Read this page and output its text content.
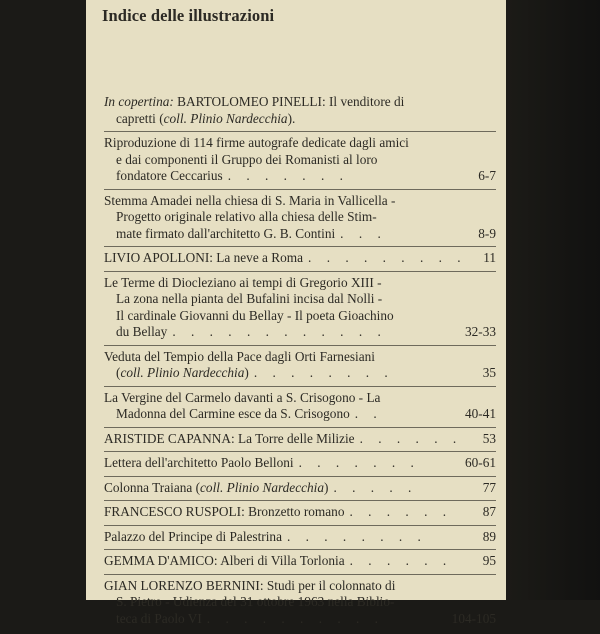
Indice delle illustrazioni
In copertina: BARTOLOMEO PINELLI: Il venditore di
capretti (coll. Plinio Nardecchia).
Riproduzione di 114 firme autografe dedicate dagli amici
e dai componenti il Gruppo dei Romanisti al loro
fondatore Ceccarius . . . . . . .	6-7
Stemma Amadei nella chiesa di S. Maria in Vallicella -
Progetto originale relativo alla chiesa delle Stim-
mate firmato dall'architetto G. B. Contini . . .	8-9
LIVIO APOLLONI: La neve a Roma . . . . . . . . .	11
Le Terme di Diocleziano ai tempi di Gregorio XIII -
La zona nella pianta del Bufalini incisa dal Nolli -
Il cardinale Giovanni du Bellay - Il poeta Gioachino
du Bellay . . . . . . . . . . . .	32-33
Veduta del Tempio della Pace dagli Orti Farnesiani
(coll. Plinio Nardecchia) . . . . . . . .	35
La Vergine del Carmelo davanti a S. Crisogono - La
Madonna del Carmine esce da S. Crisogono . .	40-41
ARISTIDE CAPANNA: La Torre delle Milizie . . . . . .	53
Lettera dell'architetto Paolo Belloni . . . . . . .	60-61
Colonna Traiana (coll. Plinio Nardecchia) . . . . .	77
FRANCESCO RUSPOLI: Bronzetto romano . . . . . .	87
Palazzo del Principe di Palestrina . . . . . . . .	89
GEMMA D'AMICO: Alberi di Villa Torlonia . . . . . .	95
GIAN LORENZO BERNINI: Studi per il colonnato di
S. Pietro - Udienza del 31 ottobre 1963 nella Biblio-
teca di Paolo VI . . . . . . . . . .	104-105
